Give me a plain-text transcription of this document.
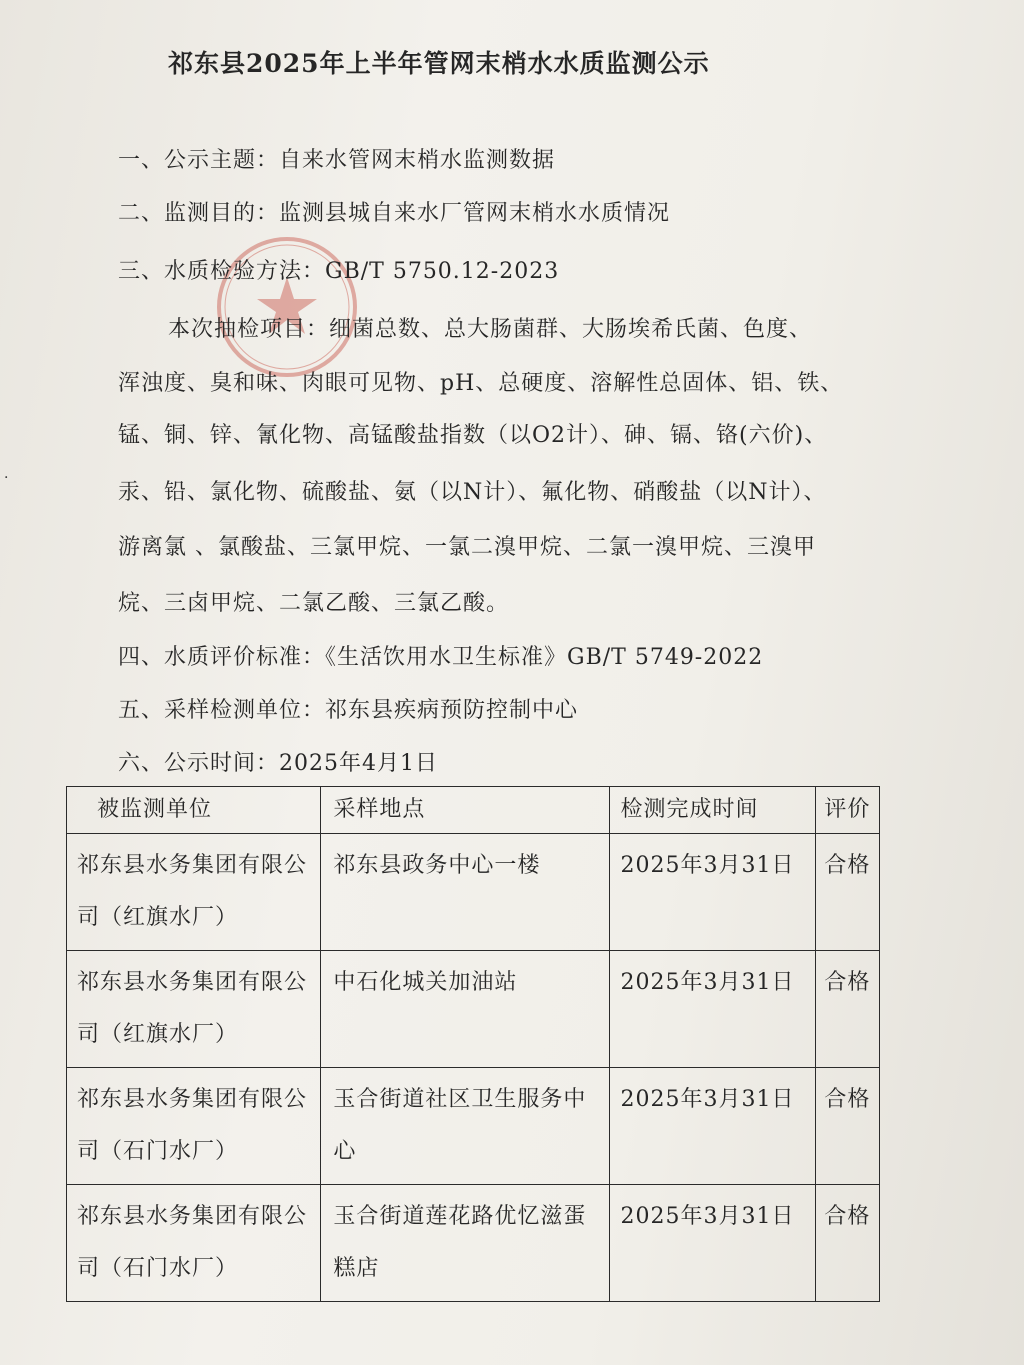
·
祁东县2025年上半年管网末梢水水质监测公示
一、公示主题：自来水管网末梢水监测数据
二、监测目的：监测县城自来水厂管网末梢水水质情况
三、水质检验方法：GB/T 5750.12-2023
本次抽检项目：细菌总数、总大肠菌群、大肠埃希氏菌、色度、
浑浊度、臭和味、肉眼可见物、pH、总硬度、溶解性总固体、铝、铁、
锰、铜、锌、氰化物、高锰酸盐指数（以O2计）、砷、镉、铬(六价)、
汞、铅、氯化物、硫酸盐、氨（以N计）、氟化物、硝酸盐（以N计）、
游离氯 、氯酸盐、三氯甲烷、一氯二溴甲烷、二氯一溴甲烷、三溴甲
烷、三卤甲烷、二氯乙酸、三氯乙酸。
四、水质评价标准：《生活饮用水卫生标准》GB/T 5749-2022
五、采样检测单位：祁东县疾病预防控制中心
六、公示时间：2025年4月1日
被监测单位	采样地点	检测完成时间	评价
祁东县水务集团有限公司（红旗水厂）	祁东县政务中心一楼	2025年3月31日	合格
祁东县水务集团有限公司（红旗水厂）	中石化城关加油站	2025年3月31日	合格
祁东县水务集团有限公司（石门水厂）	玉合街道社区卫生服务中心	2025年3月31日	合格
祁东县水务集团有限公司（石门水厂）	玉合街道莲花路优忆滋蛋糕店	2025年3月31日	合格
